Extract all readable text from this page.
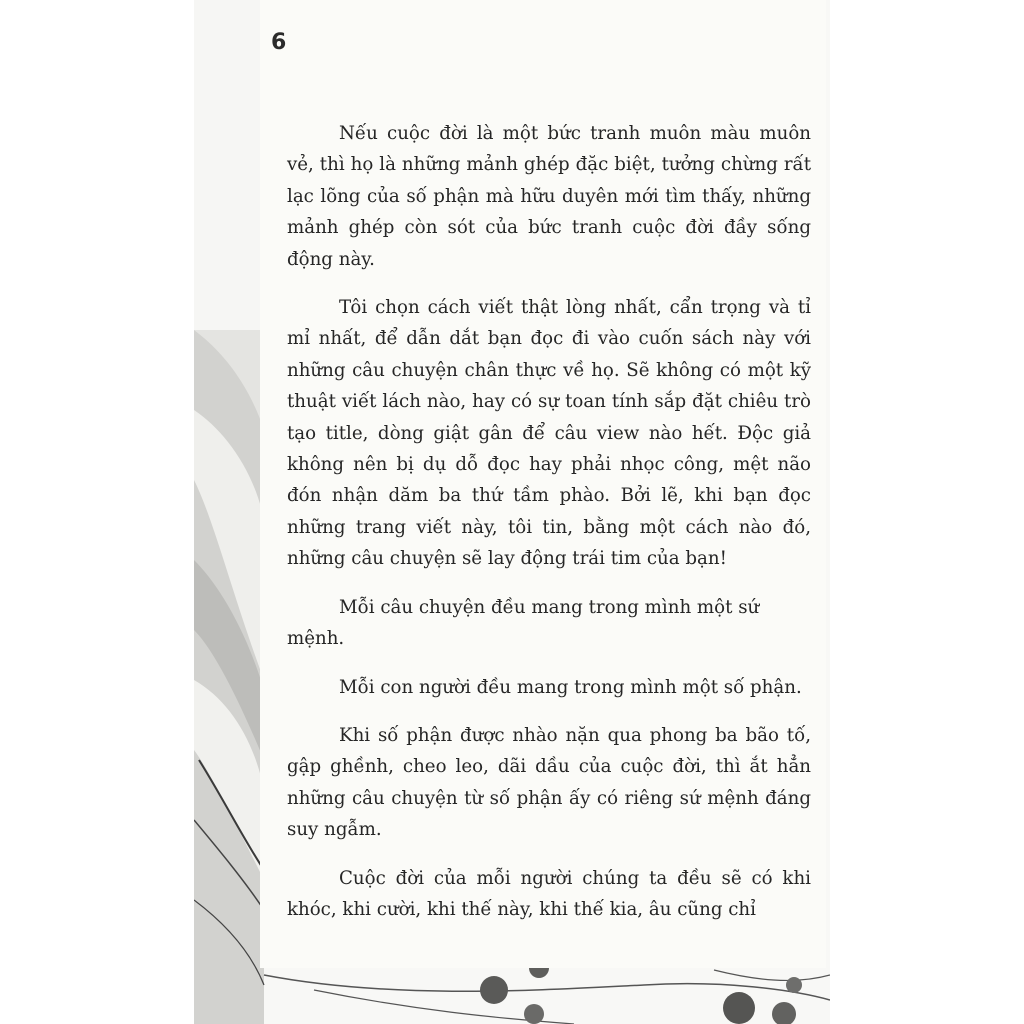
6

Nếu cuộc đời là một bức tranh muôn màu muôn vẻ, thì họ là những mảnh ghép đặc biệt, tưởng chừng rất lạc lõng của số phận mà hữu duyên mới tìm thấy, những mảnh ghép còn sót của bức tranh cuộc đời đầy sống động này.

Tôi chọn cách viết thật lòng nhất, cẩn trọng và tỉ mỉ nhất, để dẫn dắt bạn đọc đi vào cuốn sách này với những câu chuyện chân thực về họ. Sẽ không có một kỹ thuật viết lách nào, hay có sự toan tính sắp đặt chiêu trò tạo title, dòng giật gân để câu view nào hết. Độc giả không nên bị dụ dỗ đọc hay phải nhọc công, mệt não đón nhận dăm ba thứ tầm phào. Bởi lẽ, khi bạn đọc những trang viết này, tôi tin, bằng một cách nào đó, những câu chuyện sẽ lay động trái tim của bạn!

Mỗi câu chuyện đều mang trong mình một sứ mệnh.

Mỗi con người đều mang trong mình một số phận.

Khi số phận được nhào nặn qua phong ba bão tố, gập ghềnh, cheo leo, dãi dầu của cuộc đời, thì ắt hẳn những câu chuyện từ số phận ấy có riêng sứ mệnh đáng suy ngẫm.

Cuộc đời của mỗi người chúng ta đều sẽ có khi khóc, khi cười, khi thế này, khi thế kia, âu cũng chỉ
